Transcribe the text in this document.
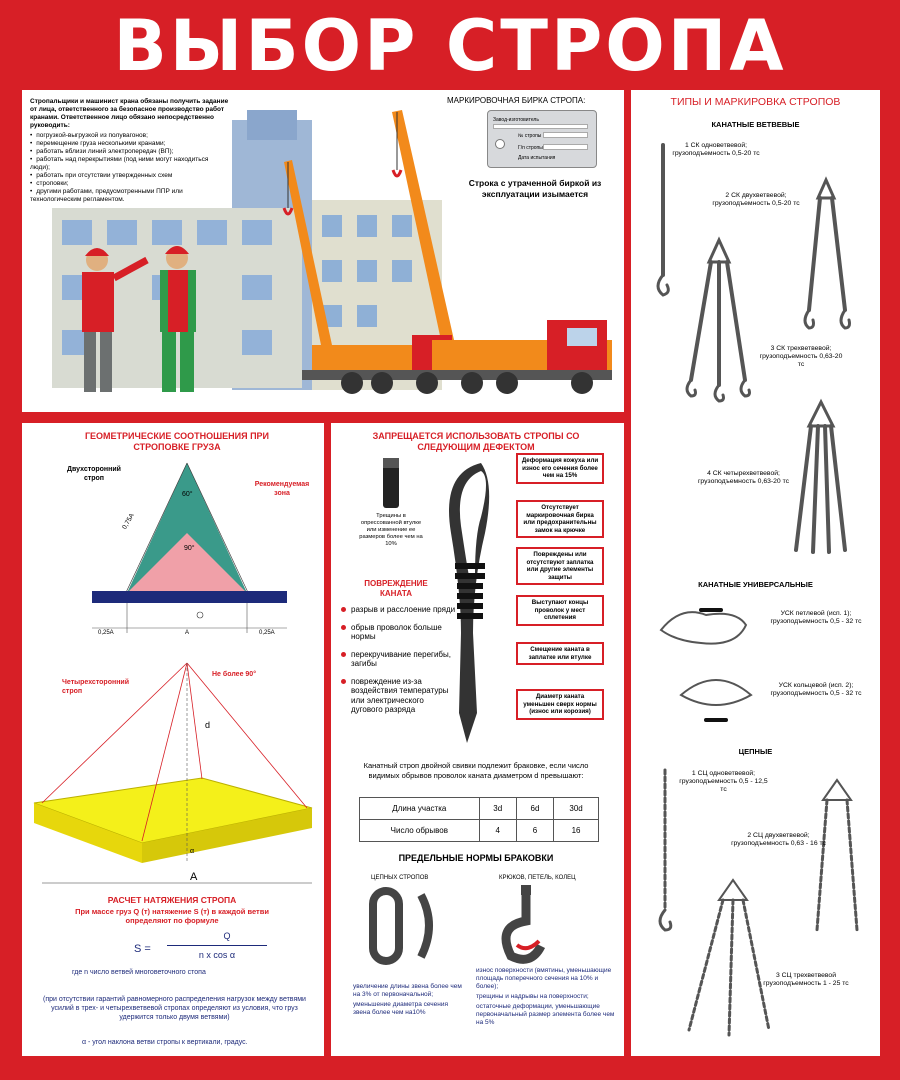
ВЫБОР СТРОПА
Стропальщики и машинист крана обязаны получить задание от лица, ответственного за безопасное производство работ кранами. Ответственное лицо обязано непосредственно руководить:
• погрузкой-выгрузкой из полувагонов;
• перемещение груза несколькими кранами;
• работать вблизи линий электропередач (ВП);
• работать над перекрытиями (под ними могут находиться люди);
• работать при отсутствии утвержденных схем
• строповки;
• другими работами, предусмотренными ППР или технологическим регламентом.
МАРКИРОВОЧНАЯ БИРКА СТРОПА:
Завод-изготовитель
№ стропы
Г/п стропы
Дата испытания
Строка с утраченной биркой из эксплуатации изымается
ГЕОМЕТРИЧЕСКИЕ СООТНОШЕНИЯ ПРИ СТРОПОВКЕ ГРУЗА
Двухсторонний строп
Рекомендуемая зона
60°
90°
0,75A
0,25A	A	0,25A
Четырехсторонний строп
Не более 90°
d
α
A
РАСЧЕТ НАТЯЖЕНИЯ СТРОПА
При массе груз Q (т) натяжение S (т) в каждой ветви определяют по формуле
S =
Q
n x cos α
где n число ветвей многоветочного стопа
(при отсутствии гарантий равномерного распределения нагрузок между ветвями усилий в трех- и четырехветвевой стропах определяют из условия, что груз удержится только двумя ветвями)
α - угол наклона ветви стропы к вертикали, градус.
ЗАПРЕЩАЕТСЯ ИСПОЛЬЗОВАТЬ СТРОПЫ СО СЛЕДУЮЩИМ ДЕФЕКТОМ
Трещины в опрессованной втулке или изменение ее размеров более чем на 10%
ПОВРЕЖДЕНИЕ КАНАТА
разрыв и расслоение пряди
обрыв проволок больше нормы
перекручивание перегибы, загибы
повреждение из-за воздействия температуры или электрического дугового разряда
Деформация кожуха или износ его сечения более чем на 15%
Отсутствует маркировочная бирка или предохранительны замок на крючке
Повреждены или отсутствуют заплатка или другие элементы защиты
Выступают концы проволок у мест сплетения
Смещение каната в заплатке или втулке
Диаметр каната уменьшен сверх нормы (износ или корозия)
Канатный строп двойной свивки подлежит браковке, если число видимых обрывов проволок каната диаметром d превышают:
Длина участка	3d	6d	30d
Число обрывов	4	6	16
ПРЕДЕЛЬНЫЕ НОРМЫ БРАКОВКИ
ЦЕПНЫХ СТРОПОВ	КРЮКОВ, ПЕТЕЛЬ, КОЛЕЦ
увеличение длины звена более чем на 3% от первоначальной;
уменьшение диаметра сечения звена более чем на10%
износ поверхности (вмятины, уменьшающие площадь поперечного сечения на 10% и более);
трещины и надрывы на поверхности;
остаточные деформации, уменьшающие первоначальный размер элемента более чем на 5%
ТИПЫ И МАРКИРОВКА СТРОПОВ
КАНАТНЫЕ ВЕТВЕВЫЕ
1 СК одноветвевой; грузоподъемность 0,5-20 тс
2 СК двухветвевой; грузоподъемность 0,5-20 тс
3 СК трехветвевой; грузоподъемность 0,63-20 тс
4 СК четырехветвевой; грузоподъемность 0,63-20 тс
КАНАТНЫЕ УНИВЕРСАЛЬНЫЕ
УСК петлевой (исп. 1); грузоподъемность 0,5 - 32 тс
УСК кольцевой (исп. 2); грузоподъемность 0,5 - 32 тс
ЦЕПНЫЕ
1 СЦ одноветвевой; грузоподъемность 0,5 - 12,5 тс
2 СЦ двухветвевой; грузоподъемность 0,63 - 16 тс
3 СЦ трехветвевой грузоподъемность 1 - 25 тс
